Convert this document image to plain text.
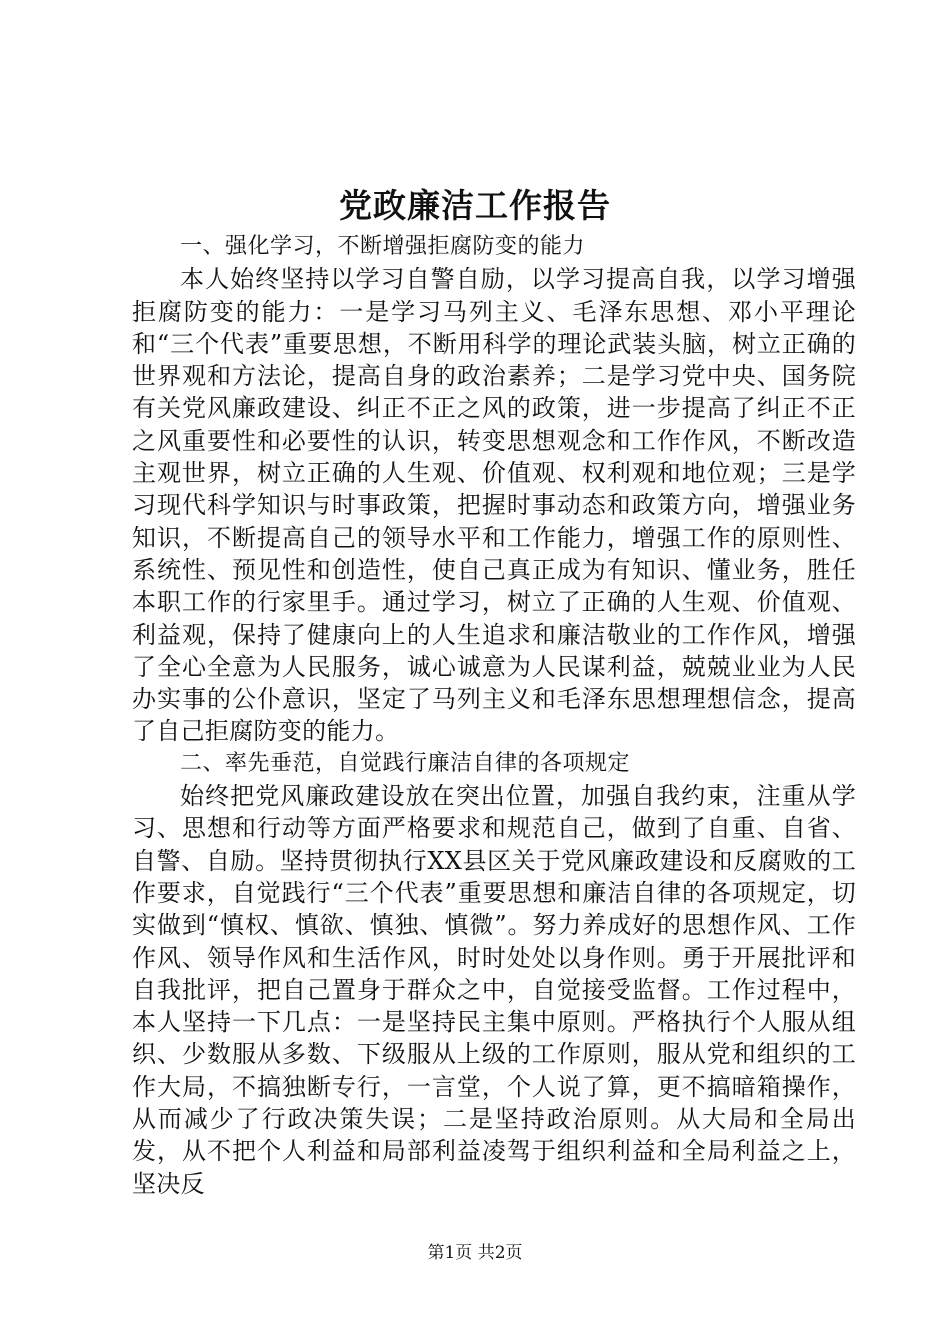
党政廉洁工作报告

一、强化学习，不断增强拒腐防变的能力

本人始终坚持以学习自警自励，以学习提高自我，以学习增强拒腐防变的能力：一是学习马列主义、毛泽东思想、邓小平理论和“三个代表”重要思想，不断用科学的理论武装头脑，树立正确的世界观和方法论，提高自身的政治素养；二是学习党中央、国务院有关党风廉政建设、纠正不正之风的政策，进一步提高了纠正不正之风重要性和必要性的认识，转变思想观念和工作作风，不断改造主观世界，树立正确的人生观、价值观、权利观和地位观；三是学习现代科学知识与时事政策，把握时事动态和政策方向，增强业务知识，不断提高自己的领导水平和工作能力，增强工作的原则性、系统性、预见性和创造性，使自己真正成为有知识、懂业务，胜任本职工作的行家里手。通过学习，树立了正确的人生观、价值观、利益观，保持了健康向上的人生追求和廉洁敬业的工作作风，增强了全心全意为人民服务，诚心诚意为人民谋利益，兢兢业业为人民办实事的公仆意识，坚定了马列主义和毛泽东思想理想信念，提高了自己拒腐防变的能力。

二、率先垂范，自觉践行廉洁自律的各项规定

始终把党风廉政建设放在突出位置，加强自我约束，注重从学习、思想和行动等方面严格要求和规范自己，做到了自重、自省、自警、自励。坚持贯彻执行XX县区关于党风廉政建设和反腐败的工作要求，自觉践行“三个代表”重要思想和廉洁自律的各项规定，切实做到“慎权、慎欲、慎独、慎微”。努力养成好的思想作风、工作作风、领导作风和生活作风，时时处处以身作则。勇于开展批评和自我批评，把自己置身于群众之中，自觉接受监督。工作过程中，本人坚持一下几点：一是坚持民主集中原则。严格执行个人服从组织、少数服从多数、下级服从上级的工作原则，服从党和组织的工作大局，不搞独断专行，一言堂，个人说了算，更不搞暗箱操作，从而减少了行政决策失误；二是坚持政治原则。从大局和全局出发，从不把个人利益和局部利益凌驾于组织利益和全局利益之上，坚决反

第1页 共2页
